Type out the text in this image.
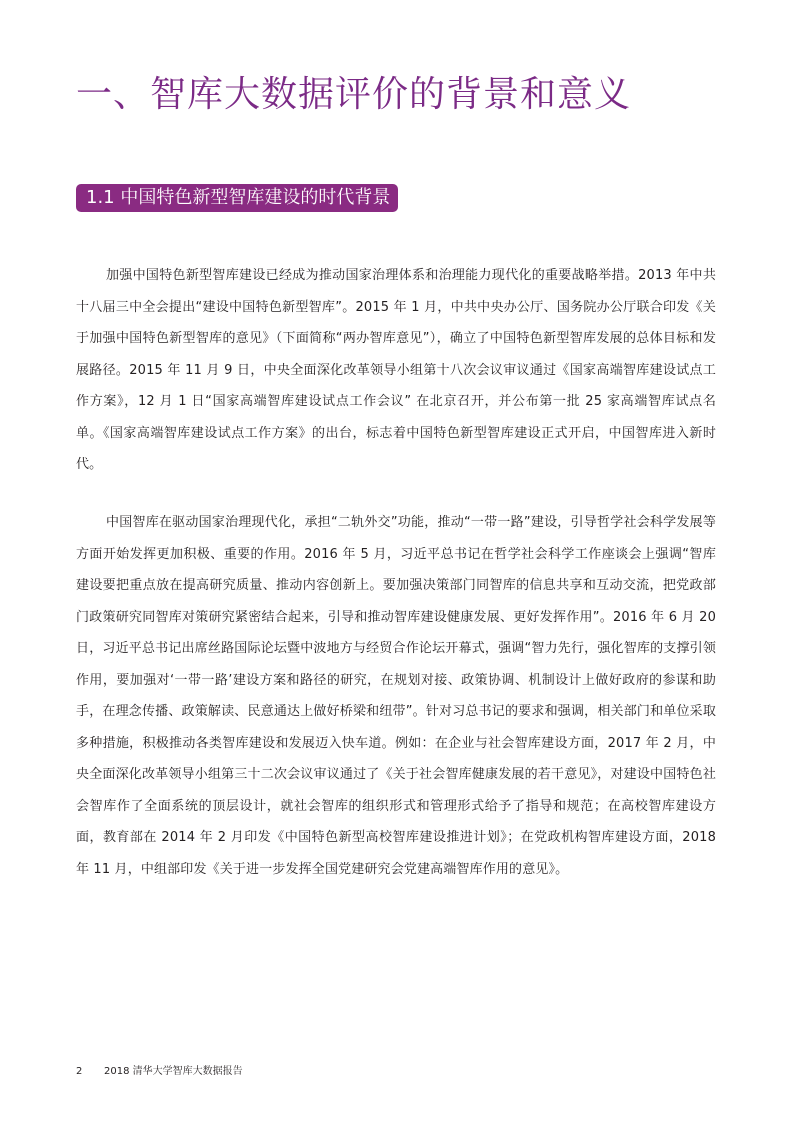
一、智库大数据评价的背景和意义
1.1 中国特色新型智库建设的时代背景

加强中国特色新型智库建设已经成为推动国家治理体系和治理能力现代化的重要战略举措。2013 年中共十八届三中全会提出“建设中国特色新型智库”。2015 年 1 月，中共中央办公厅、国务院办公厅联合印发《关于加强中国特色新型智库的意见》（下面简称“两办智库意见”），确立了中国特色新型智库发展的总体目标和发展路径。2015 年 11 月 9 日，中央全面深化改革领导小组第十八次会议审议通过《国家高端智库建设试点工作方案》，12 月 1 日“国家高端智库建设试点工作会议” 在北京召开，并公布第一批 25 家高端智库试点名单。《国家高端智库建设试点工作方案》的出台，标志着中国特色新型智库建设正式开启，中国智库进入新时代。

中国智库在驱动国家治理现代化，承担“二轨外交”功能，推动“一带一路”建设，引导哲学社会科学发展等方面开始发挥更加积极、重要的作用。2016 年 5 月，习近平总书记在哲学社会科学工作座谈会上强调“智库建设要把重点放在提高研究质量、推动内容创新上。要加强决策部门同智库的信息共享和互动交流，把党政部门政策研究同智库对策研究紧密结合起来，引导和推动智库建设健康发展、更好发挥作用”。2016 年 6 月 20 日，习近平总书记出席丝路国际论坛暨中波地方与经贸合作论坛开幕式，强调“智力先行，强化智库的支撑引领作用，要加强对‘一带一路’建设方案和路径的研究，在规划对接、政策协调、机制设计上做好政府的参谋和助手，在理念传播、政策解读、民意通达上做好桥梁和纽带”。针对习总书记的要求和强调，相关部门和单位采取多种措施，积极推动各类智库建设和发展迈入快车道。例如：在企业与社会智库建设方面，2017 年 2 月，中央全面深化改革领导小组第三十二次会议审议通过了《关于社会智库健康发展的若干意见》，对建设中国特色社会智库作了全面系统的顶层设计，就社会智库的组织形式和管理形式给予了指导和规范；在高校智库建设方面，教育部在 2014 年 2 月印发《中国特色新型高校智库建设推进计划》；在党政机构智库建设方面，2018 年 11 月，中组部印发《关于进一步发挥全国党建研究会党建高端智库作用的意见》。

2 2018 清华大学智库大数据报告
